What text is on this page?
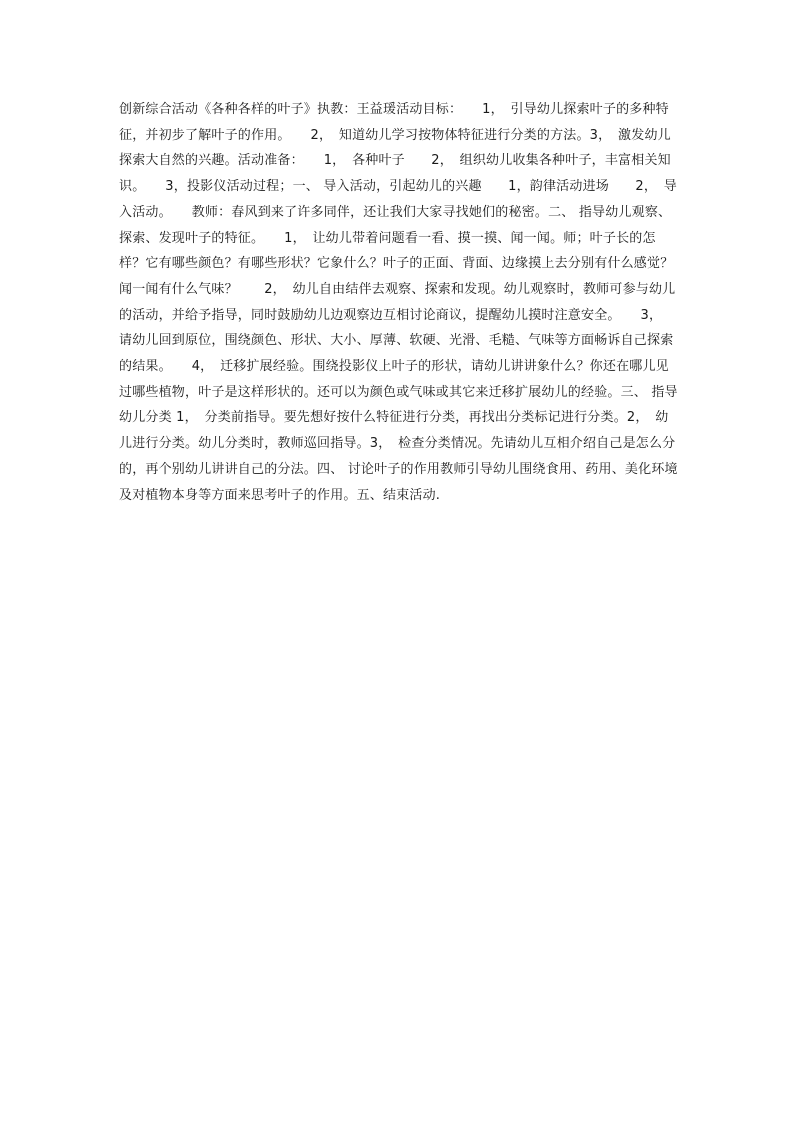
创新综合活动《各种各样的叶子》执教：王益瑗活动目标：　　1，　引导幼儿探索叶子的多种特征，并初步了解叶子的作用。　　2，　知道幼儿学习按物体特征进行分类的方法。3，　激发幼儿探索大自然的兴趣。活动准备：　　1，　各种叶子　　2，　组织幼儿收集各种叶子，丰富相关知识。　　3，投影仪活动过程；一、 导入活动，引起幼儿的兴趣　　1，韵律活动进场　　2，　导入活动。　　教师：春风到来了许多同伴，还让我们大家寻找她们的秘密。二、 指导幼儿观察、探索、发现叶子的特征。　　1，　让幼儿带着问题看一看、摸一摸、闻一闻。师；叶子长的怎样？它有哪些颜色？有哪些形状？它象什么？叶子的正面、背面、边缘摸上去分别有什么感觉？闻一闻有什么气味？　　2，　幼儿自由结伴去观察、探索和发现。幼儿观察时，教师可参与幼儿的活动，并给予指导，同时鼓励幼儿边观察边互相讨论商议，提醒幼儿摸时注意安全。　　3，　请幼儿回到原位，围绕颜色、形状、大小、厚薄、软硬、光滑、毛糙、气味等方面畅诉自己探索的结果。　　4，　迁移扩展经验。围绕投影仪上叶子的形状，请幼儿讲讲象什么？你还在哪儿见过哪些植物，叶子是这样形状的。还可以为颜色或气味或其它来迁移扩展幼儿的经验。三、 指导幼儿分类 1，　分类前指导。要先想好按什么特征进行分类，再找出分类标记进行分类。2，　幼儿进行分类。幼儿分类时，教师巡回指导。3，　检查分类情况。先请幼儿互相介绍自己是怎么分的，再个别幼儿讲讲自己的分法。四、 讨论叶子的作用教师引导幼儿围绕食用、药用、美化环境及对植物本身等方面来思考叶子的作用。五、结束活动.
